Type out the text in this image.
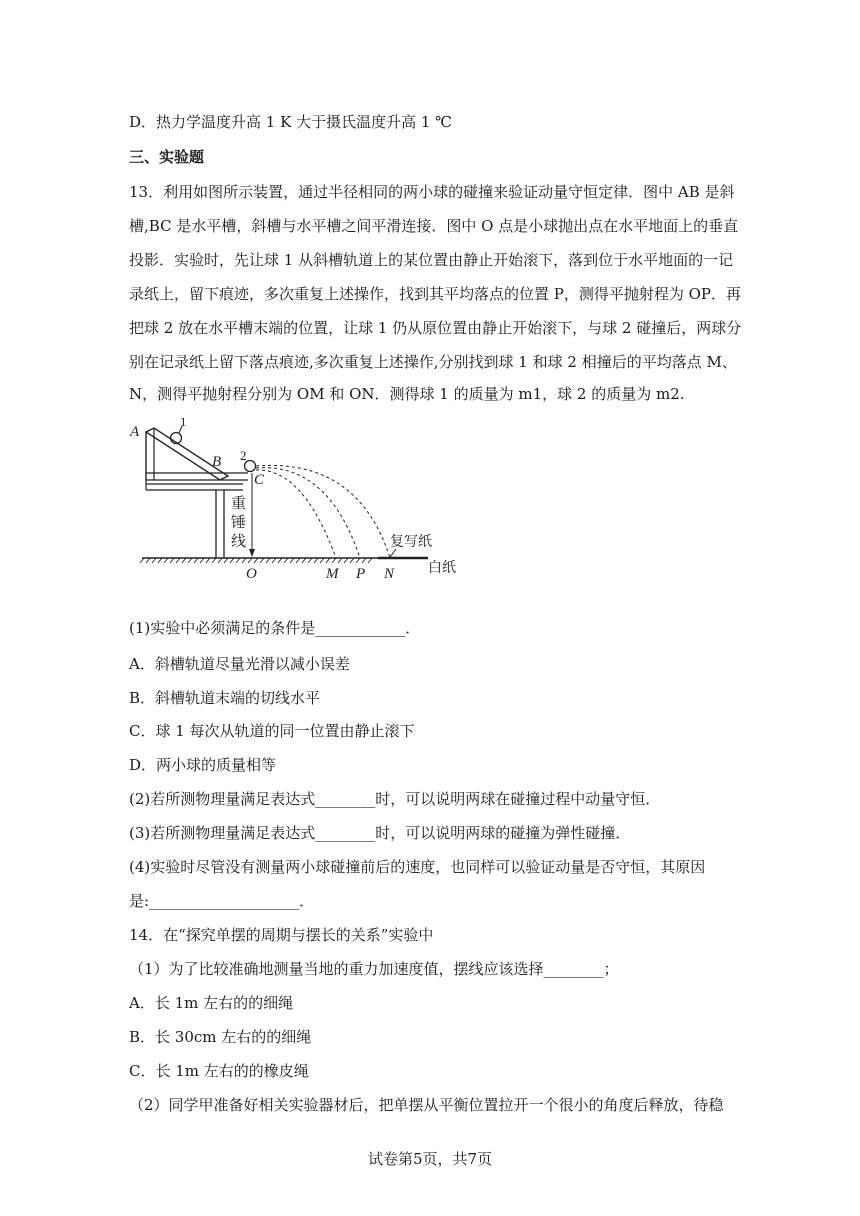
D．热力学温度升高 1 K 大于摄氏温度升高 1 ℃
三、实验题
13．利用如图所示装置，通过半径相同的两小球的碰撞来验证动量守恒定律．图中 AB 是斜
槽,BC 是水平槽，斜槽与水平槽之间平滑连接．图中 O 点是小球抛出点在水平地面上的垂直
投影．实验时，先让球 1 从斜槽轨道上的某位置由静止开始滚下，落到位于水平地面的一记
录纸上，留下痕迹，多次重复上述操作，找到其平均落点的位置 P，测得平抛射程为 OP．再
把球 2 放在水平槽末端的位置，让球 1 仍从原位置由静止开始滚下，与球 2 碰撞后，两球分
别在记录纸上留下落点痕迹,多次重复上述操作,分别找到球 1 和球 2 相撞后的平均落点 M、
N，测得平抛射程分别为 OM 和 ON．测得球 1 的质量为 m1，球 2 的质量为 m2.
(1)实验中必须满足的条件是____________．
A．斜槽轨道尽量光滑以减小误差
B．斜槽轨道末端的切线水平
C．球 1 每次从轨道的同一位置由静止滚下
D．两小球的质量相等
(2)若所测物理量满足表达式________时，可以说明两球在碰撞过程中动量守恒．
(3)若所测物理量满足表达式________时，可以说明两球的碰撞为弹性碰撞．
(4)实验时尽管没有测量两小球碰撞前后的速度，也同样可以验证动量是否守恒，其原因
是:____________________．
14．在“探究单摆的周期与摆长的关系”实验中
（1）为了比较准确地测量当地的重力加速度值，摆线应该选择________；
A．长 1m 左右的的细绳
B．长 30cm 左右的的细绳
C．长 1m 左右的的橡皮绳
（2）同学甲准备好相关实验器材后，把单摆从平衡位置拉开一个很小的角度后释放，待稳
A
B
C
1
2
重
锤
线
O	M P N
复写纸
白纸
试卷第5页，共7页
